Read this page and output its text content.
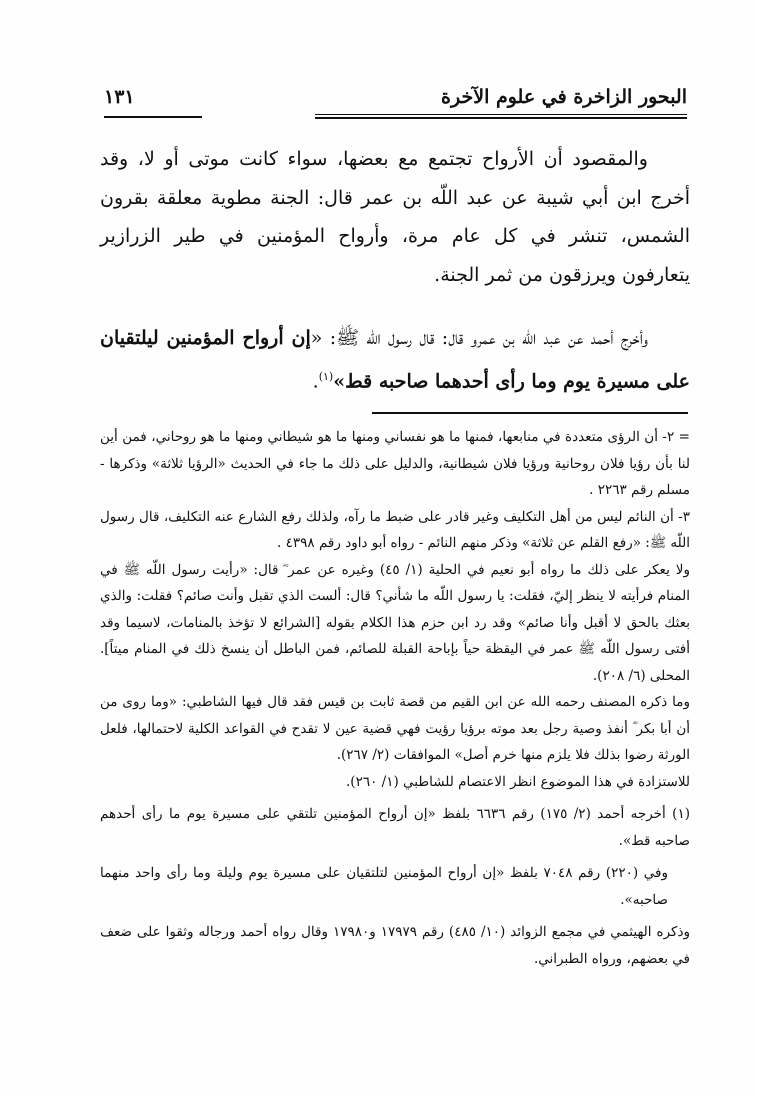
البحور الزاخرة في علوم الآخرة
١٣١

والمقصود أن الأرواح تجتمع مع بعضها، سواء كانت موتى أو لا، وقد أخرج ابن أبي شيبة عن عبد اللّه بن عمر قال: الجنة مطوية معلقة بقرون الشمس، تنشر في كل عام مرة، وأرواح المؤمنين في طير الزرازير يتعارفون ويرزقون من ثمر الجنة.

وأخرج أحمد عن عبد اللّه بن عمرو قال: قال رسول اللّه ﷺ: «إن أرواح المؤمنين ليلتقيان على مسيرة يوم وما رأى أحدهما صاحبه قط»$^{(١)}$.

= ٢- أن الرؤى متعددة في منابعها، فمنها ما هو نفساني ومنها ما هو شيطاني ومنها ما هو روحاني، فمن أين لنا بأن رؤيا فلان روحانية ورؤيا فلان شيطانية، والدليل على ذلك ما جاء في الحديث «الرؤيا ثلاثة» وذكرها - مسلم رقم ٢٢٦٣ .

٣- أن النائم ليس من أهل التكليف وغير قادر على ضبط ما رآه، ولذلك رفع الشارع عنه التكليف، قال رسول اللّه ﷺ: «رفع القلم عن ثلاثة» وذكر منهم النائم - رواه أبو داود رقم ٤٣٩٨ .

ولا يعكر على ذلك ما رواه أبو نعيم في الحلية (١/ ٤٥) وغيره عن عمر ؓ قال: «رأيت رسول اللّه ﷺ في المنام فرأيته لا ينظر إليّ، فقلت: يا رسول اللّه ما شأني؟ قال: ألست الذي تقبل وأنت صائم؟ فقلت: والذي بعثك بالحق لا أقبل وأنا صائم» وقد رد ابن حزم هذا الكلام بقوله [الشرائع لا تؤخذ بالمنامات، لاسيما وقد أفتى رسول اللّه ﷺ عمر في اليقظة حياً بإباحة القبلة للصائم، فمن الباطل أن ينسخ ذلك في المنام ميتاً]. المحلى (٦/ ٢٠٨).

وما ذكره المصنف رحمه الله عن ابن القيم من قصة ثابت بن قيس فقد قال فيها الشاطبي: «وما روى من أن أبا بكر ؓ أنفذ وصية رجل بعد موته برؤيا رؤيت فهي قضية عين لا تقدح في القواعد الكلية لاحتمالها، فلعل الورثة رضوا بذلك فلا يلزم منها خرم أصل» الموافقات (٢/ ٢٦٧).

للاستزادة في هذا الموضوع انظر الاعتصام للشاطبي (١/ ٢٦٠).

(١) أخرجه أحمد (٢/ ١٧٥) رقم ٦٦٣٦ بلفظ «إن أرواح المؤمنين تلتقي على مسيرة يوم ما رأى أحدهم صاحبه قط».

وفي (٢٢٠) رقم ٧٠٤٨ بلفظ «إن أرواح المؤمنين لتلتقيان على مسيرة يوم وليلة وما رأى واحد منهما صاحبه».

وذكره الهيثمي في مجمع الزوائد (١٠/ ٤٨٥) رقم ١٧٩٧٩ و١٧٩٨٠ وقال رواه أحمد ورجاله وثقوا على ضعف في بعضهم، ورواه الطبراني.
